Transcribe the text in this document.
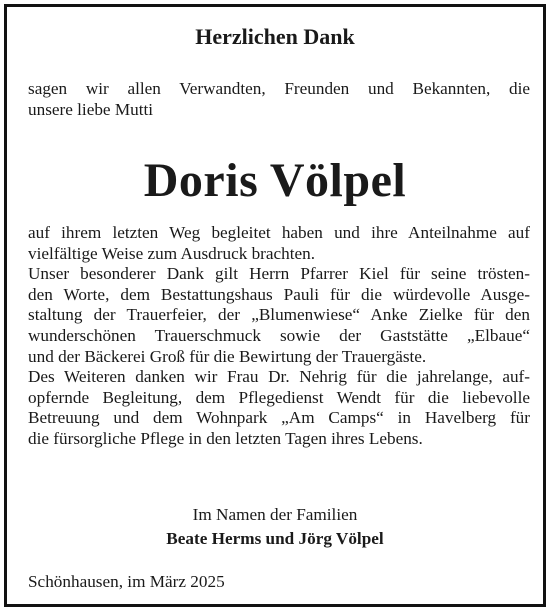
Herzlichen Dank
sagen wir allen Verwandten, Freunden und Bekannten, die
unsere liebe Mutti
Doris Völpel
auf ihrem letzten Weg begleitet haben und ihre Anteilnahme auf
vielfältige Weise zum Ausdruck brachten.
Unser besonderer Dank gilt Herrn Pfarrer Kiel für seine trösten-
den Worte, dem Bestattungshaus Pauli für die würdevolle Ausge-
staltung der Trauerfeier, der „Blumenwiese“ Anke Zielke für den
wunderschönen Trauerschmuck sowie der Gaststätte „Elbaue“
und der Bäckerei Groß für die Bewirtung der Trauergäste.
Des Weiteren danken wir Frau Dr. Nehrig für die jahrelange, auf-
opfernde Begleitung, dem Pflegedienst Wendt für die liebevolle
Betreuung und dem Wohnpark „Am Camps“ in Havelberg für
die fürsorgliche Pflege in den letzten Tagen ihres Lebens.
Im Namen der Familien
Beate Herms und Jörg Völpel
Schönhausen, im März 2025
